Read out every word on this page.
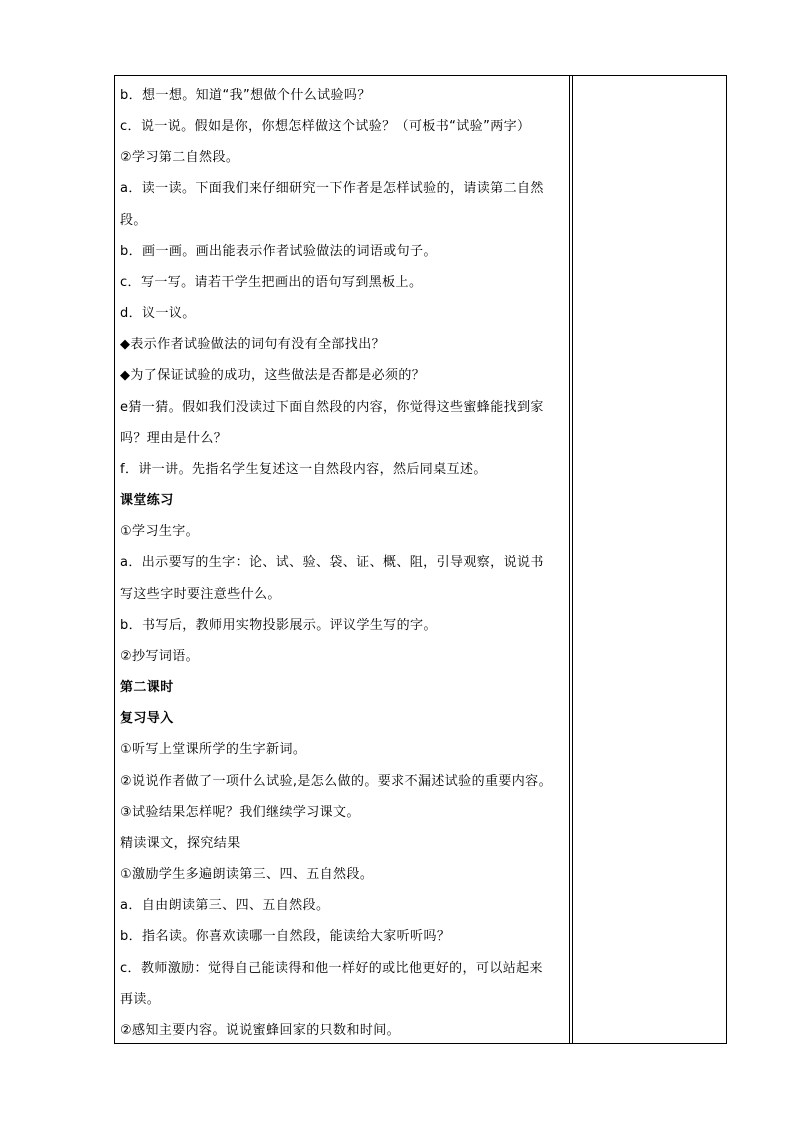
b．想一想。知道“我”想做个什么试验吗？
c．说一说。假如是你，你想怎样做这个试验？（可板书“试验”两字）
②学习第二自然段。
a．读一读。下面我们来仔细研究一下作者是怎样试验的，请读第二自然
段。
b．画一画。画出能表示作者试验做法的词语或句子。
c．写一写。请若干学生把画出的语句写到黑板上。
d．议一议。
◆表示作者试验做法的词句有没有全部找出？
◆为了保证试验的成功，这些做法是否都是必须的？
e猜一猜。假如我们没读过下面自然段的内容，你觉得这些蜜蜂能找到家
吗？理由是什么？
f．讲一讲。先指名学生复述这一自然段内容，然后同桌互述。
课堂练习
①学习生字。
a．出示要写的生字：论、试、验、袋、证、概、阻，引导观察，说说书
写这些字时要注意些什么。
b．书写后，教师用实物投影展示。评议学生写的字。
②抄写词语。
第二课时
复习导入
①听写上堂课所学的生字新词。
②说说作者做了一项什么试验,是怎么做的。要求不漏述试验的重要内容。
③试验结果怎样呢？我们继续学习课文。
精读课文，探究结果
①激励学生多遍朗读第三、四、五自然段。
a．自由朗读第三、四、五自然段。
b．指名读。你喜欢读哪一自然段，能读给大家听听吗？
c．教师激励：觉得自己能读得和他一样好的或比他更好的，可以站起来
再读。
②感知主要内容。说说蜜蜂回家的只数和时间。
